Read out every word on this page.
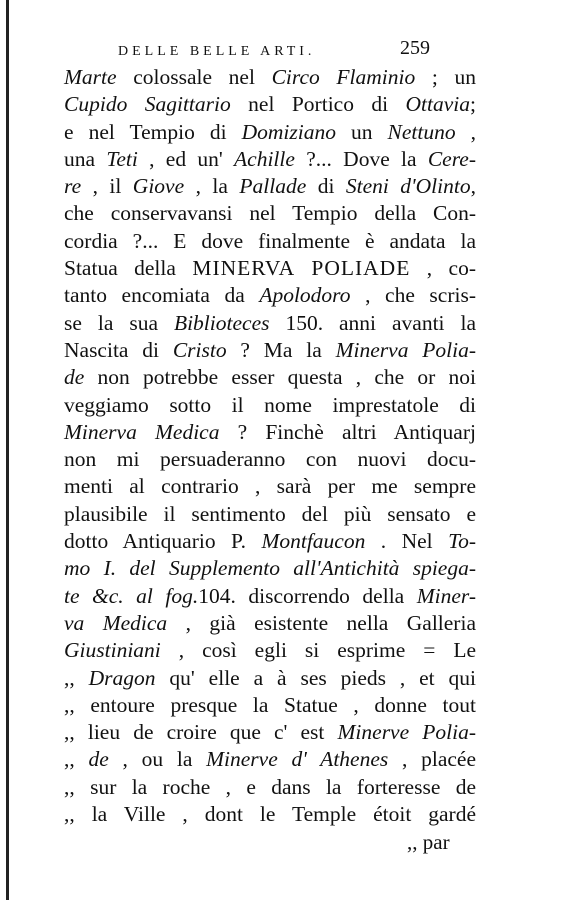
DELLE BELLE ARTI.	259
Marte colossale nel Circo Flaminio ; un
Cupido Sagittario nel Portico di Ottavia;
e nel Tempio di Domiziano un Nettuno ,
una Teti , ed un' Achille ?... Dove la Cere-
re , il Giove , la Pallade di Steni d'Olinto,
che conservavansi nel Tempio della Con-
cordia ?... E dove finalmente è andata la
Statua della MINERVA POLIADE , co-
tanto encomiata da Apolodoro , che scris-
se la sua Biblioteces 150. anni avanti la
Nascita di Cristo ? Ma la Minerva Polia-
de non potrebbe esser questa , che or noi
veggiamo sotto il nome imprestatole di
Minerva Medica ? Finchè altri Antiquarj
non mi persuaderanno con nuovi docu-
menti al contrario , sarà per me sempre
plausibile il sentimento del più sensato e
dotto Antiquario P. Montfaucon . Nel To-
mo I. del Supplemento all'Antichità spiega-
te &c. al fog.104. discorrendo della Miner-
va Medica , già esistente nella Galleria
Giustiniani , così egli si esprime = Le
,, Dragon qu' elle a à ses pieds , et qui
,, entoure presque la Statue , donne tout
,, lieu de croire que c' est Minerve Polia-
,, de , ou la Minerve d' Athenes , placée
,, sur la roche , e dans la forteresse de
,, la Ville , dont le Temple étoit gardé
,, par
